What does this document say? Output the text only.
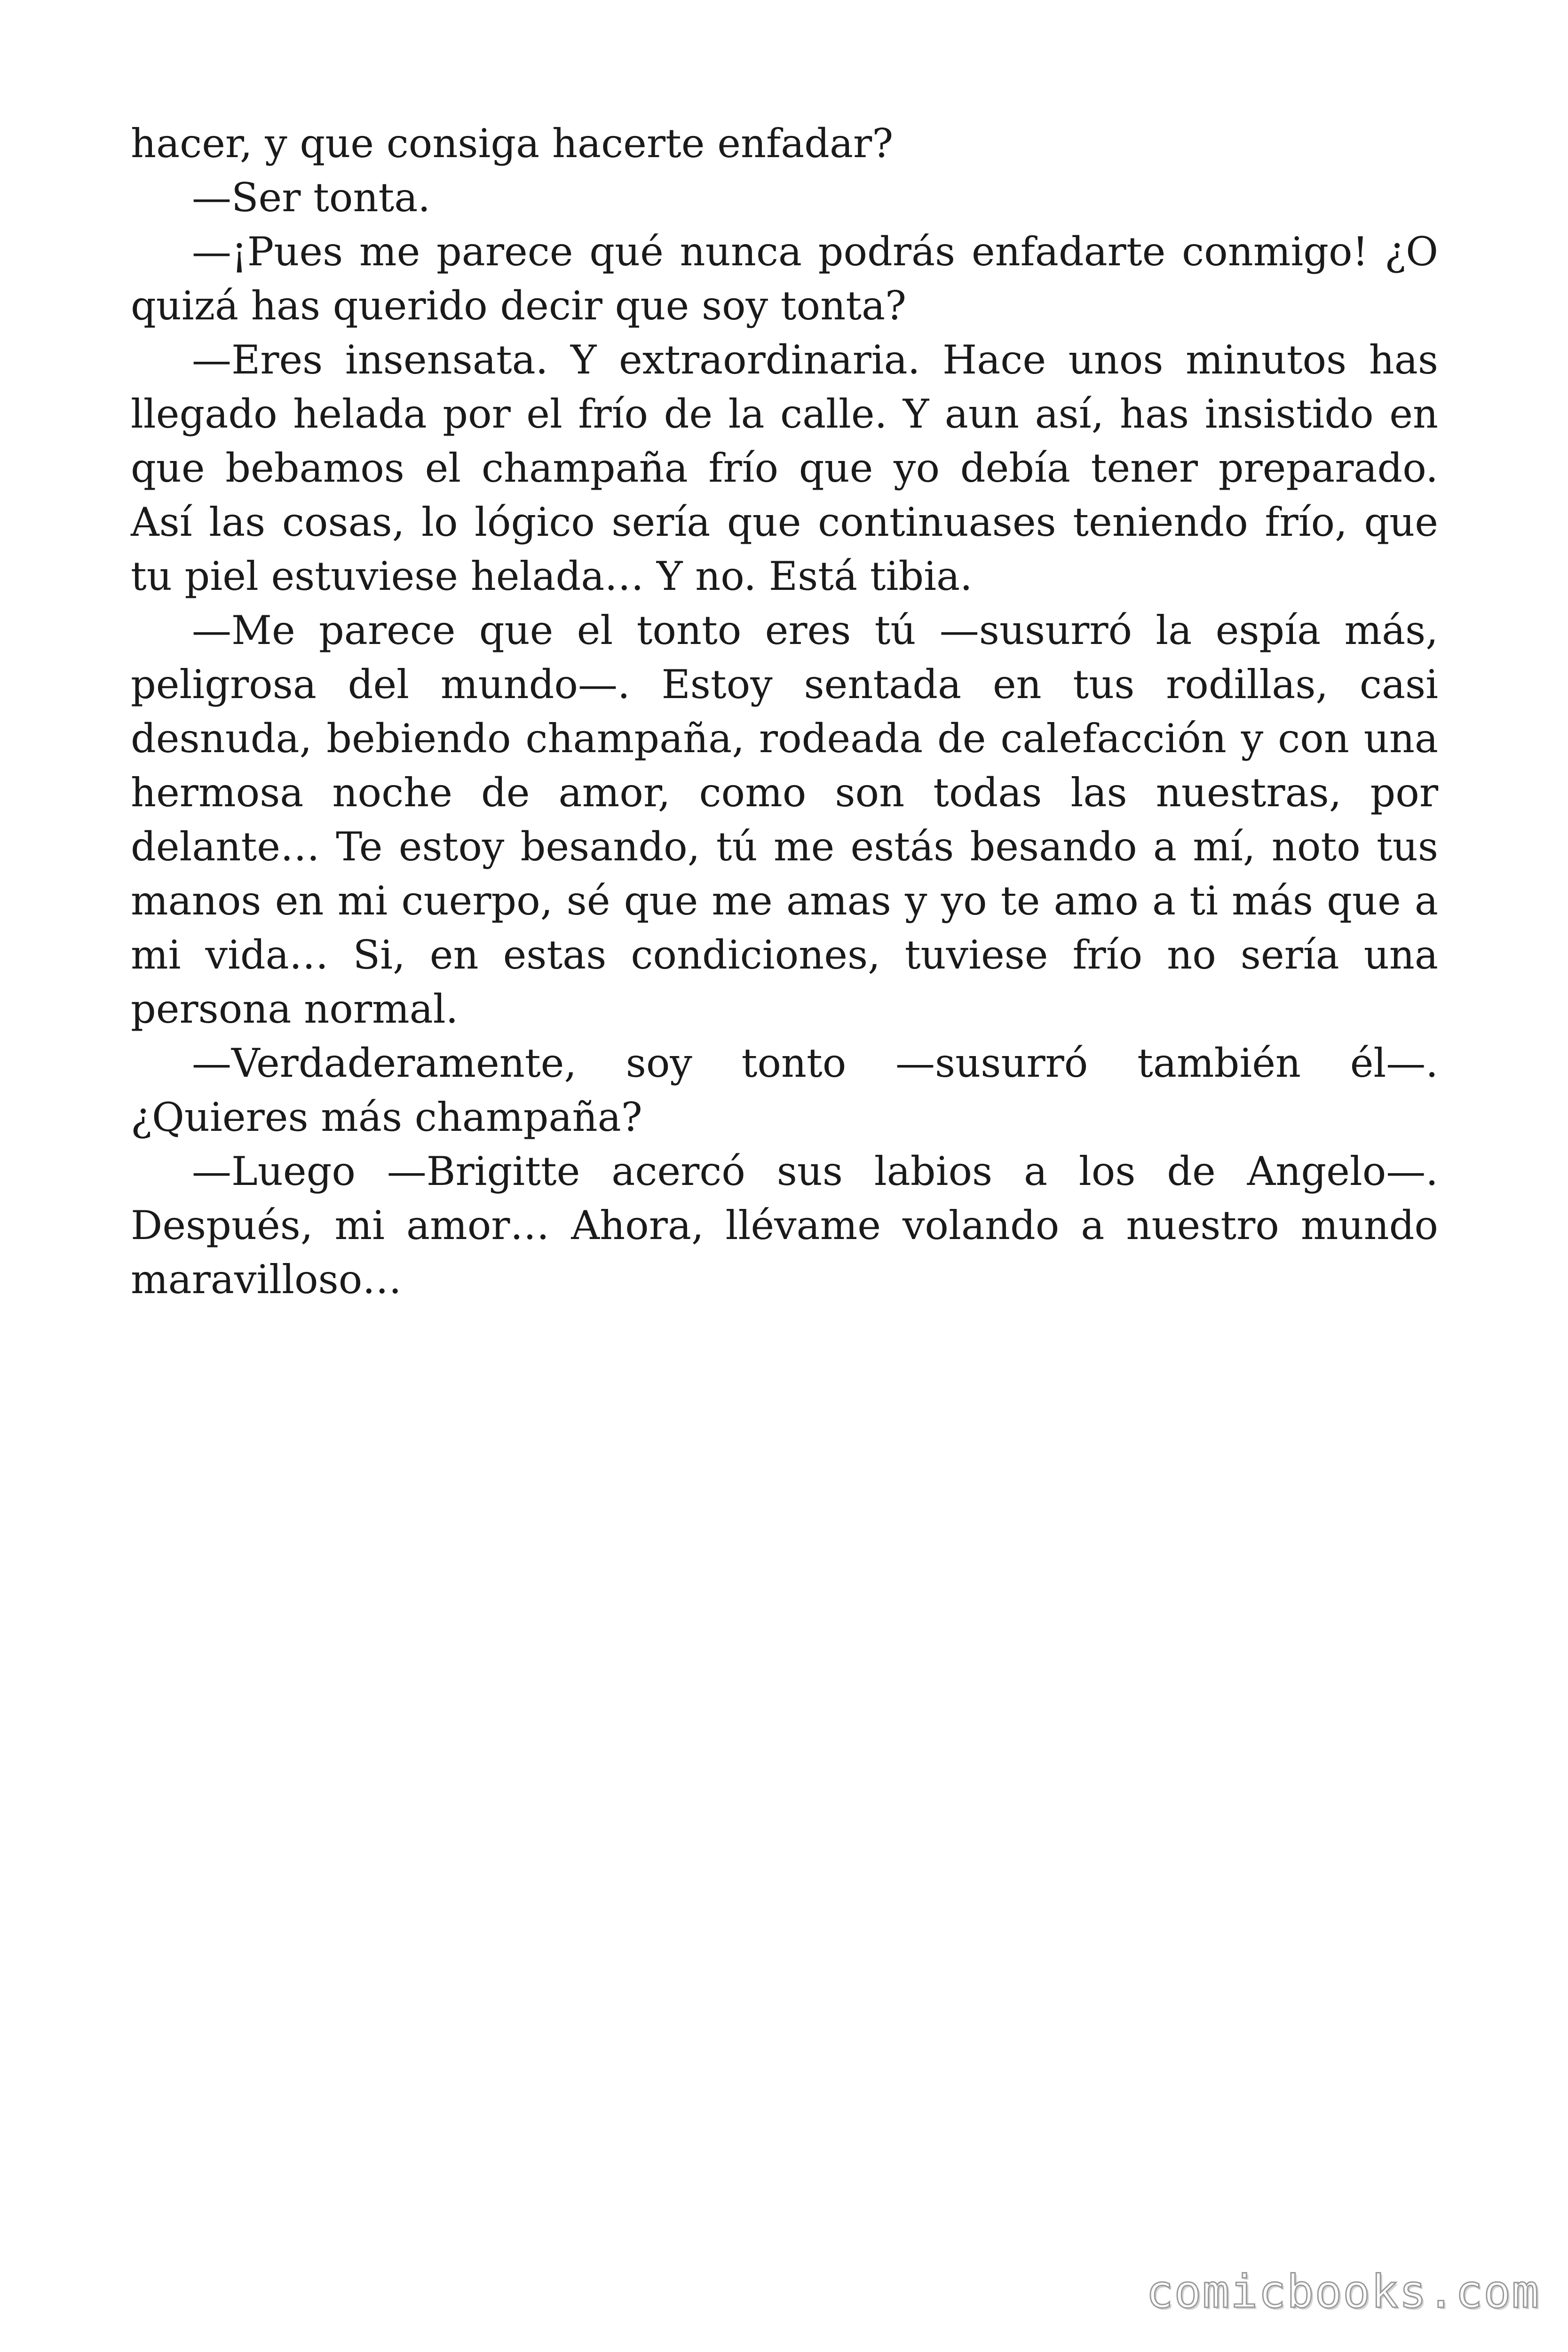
hacer, y que consiga hacerte enfadar?

—Ser tonta.

—¡Pues me parece qué nunca podrás enfadarte conmigo! ¿O quizá has querido decir que soy tonta?

—Eres insensata. Y extraordinaria. Hace unos minutos has llegado helada por el frío de la calle. Y aun así, has insistido en que bebamos el champaña frío que yo debía tener preparado. Así las cosas, lo lógico sería que continuases teniendo frío, que tu piel estuviese helada… Y no. Está tibia.

—Me parece que el tonto eres tú —susurró la espía más, peligrosa del mundo—. Estoy sentada en tus rodillas, casi desnuda, bebiendo champaña, rodeada de calefacción y con una hermosa noche de amor, como son todas las nuestras, por delante… Te estoy besando, tú me estás besando a mí, noto tus manos en mi cuerpo, sé que me amas y yo te amo a ti más que a mi vida… Si, en estas condiciones, tuviese frío no sería una persona normal.

—Verdaderamente, soy tonto —susurró también él—. ¿Quieres más champaña?

—Luego —Brigitte acercó sus labios a los de Angelo—. Después, mi amor… Ahora, llévame volando a nuestro mundo maravilloso…

comicbooks.com
